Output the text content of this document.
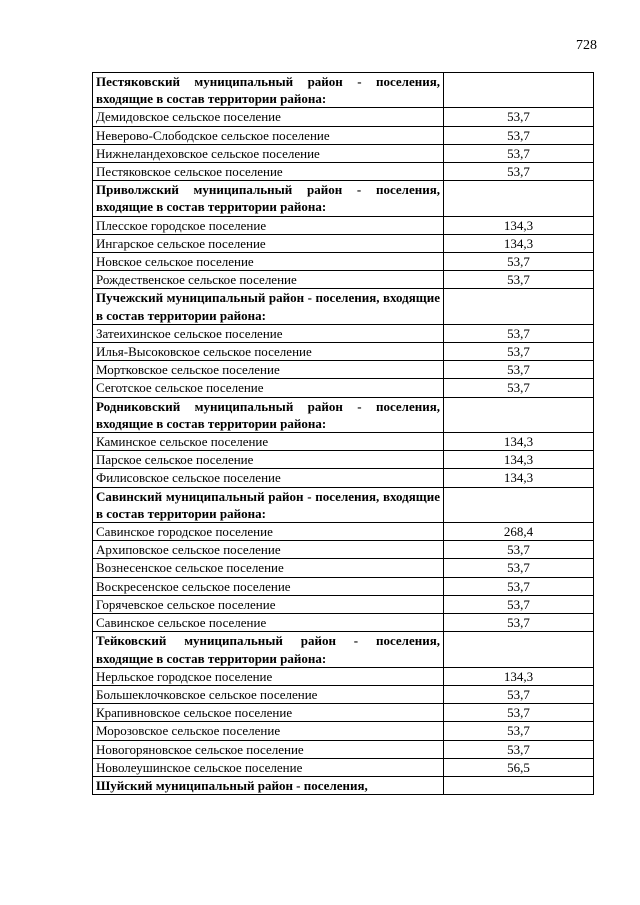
728
Пестяковский муниципальный район - поселения, входящие в состав территории района:	
Демидовское сельское поселение	53,7
Неверово-Слободское сельское поселение	53,7
Нижнеландеховское сельское поселение	53,7
Пестяковское сельское поселение	53,7
Приволжский муниципальный район - поселения, входящие в состав территории района:	
Плесское городское поселение	134,3
Ингарское сельское поселение	134,3
Новское сельское поселение	53,7
Рождественское сельское поселение	53,7
Пучежский муниципальный район - поселения, входящие в состав территории района:	
Затеихинское сельское поселение	53,7
Илья-Высоковское сельское поселение	53,7
Мортковское сельское поселение	53,7
Сеготское сельское поселение	53,7
Родниковский муниципальный район - поселения, входящие в состав территории района:	
Каминское сельское поселение	134,3
Парское сельское поселение	134,3
Филисовское сельское поселение	134,3
Савинский муниципальный район - поселения, входящие в состав территории района:	
Савинское городское поселение	268,4
Архиповское сельское поселение	53,7
Вознесенское сельское поселение	53,7
Воскресенское сельское поселение	53,7
Горячевское сельское поселение	53,7
Савинское сельское поселение	53,7
Тейковский муниципальный район - поселения, входящие в состав территории района:	
Нерльское городское поселение	134,3
Большеклочковское сельское поселение	53,7
Крапивновское сельское поселение	53,7
Морозовское сельское поселение	53,7
Новогоряновское сельское поселение	53,7
Новолеушинское сельское поселение	56,5
Шуйский муниципальный район - поселения,	
